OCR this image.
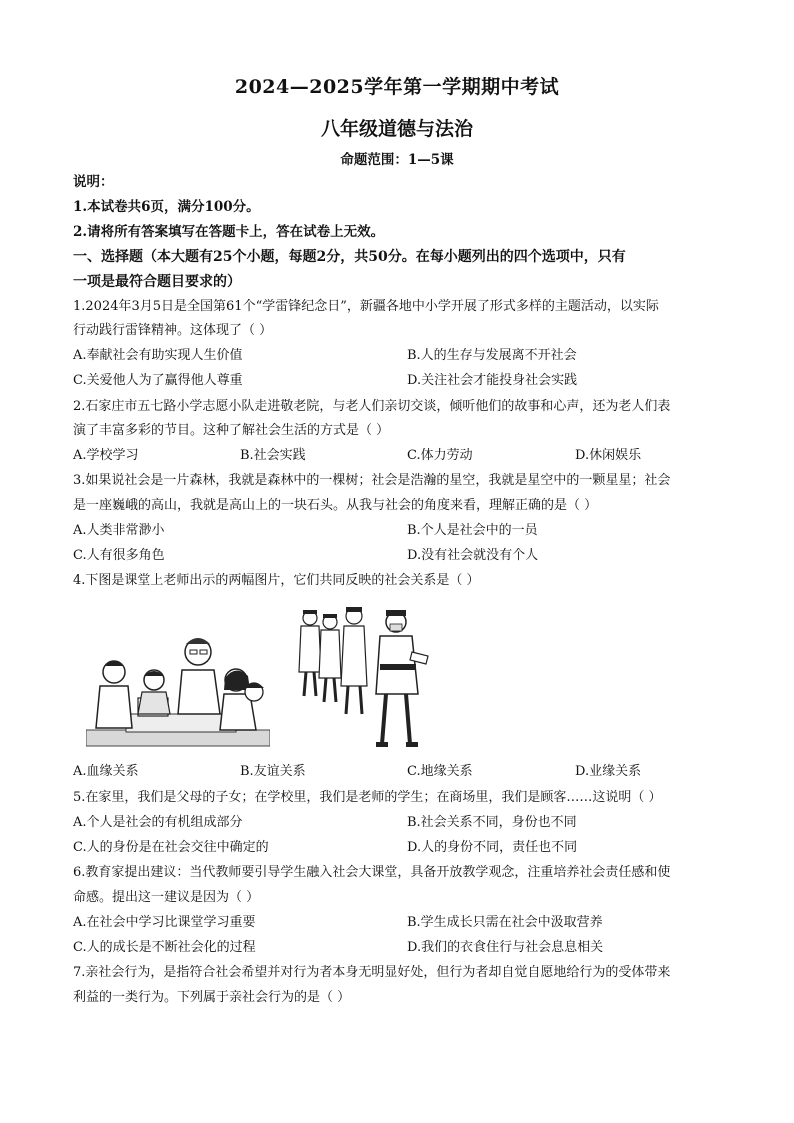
2024—2025学年第一学期期中考试
八年级道德与法治
命题范围：1—5课
说明：
1.本试卷共6页，满分100分。
2.请将所有答案填写在答题卡上，答在试卷上无效。
一、选择题（本大题有25个小题，每题2分，共50分。在每小题列出的四个选项中，只有
一项是最符合题目要求的）
1.2024年3月5日是全国第61个“学雷锋纪念日”，新疆各地中小学开展了形式多样的主题活动，以实际
行动践行雷锋精神。这体现了（ ）
A.奉献社会有助实现人生价值	B.人的生存与发展离不开社会
C.关爱他人为了赢得他人尊重	D.关注社会才能投身社会实践
2.石家庄市五七路小学志愿小队走进敬老院，与老人们亲切交谈，倾听他们的故事和心声，还为老人们表
演了丰富多彩的节目。这种了解社会生活的方式是（ ）
A.学校学习	B.社会实践	C.体力劳动	D.休闲娱乐
3.如果说社会是一片森林，我就是森林中的一棵树；社会是浩瀚的星空，我就是星空中的一颗星星；社会
是一座巍峨的高山，我就是高山上的一块石头。从我与社会的角度来看，理解正确的是（ ）
A.人类非常渺小	B.个人是社会中的一员
C.人有很多角色	D.没有社会就没有个人
4.下图是课堂上老师出示的两幅图片，它们共同反映的社会关系是（ ）
A.血缘关系	B.友谊关系	C.地缘关系	D.业缘关系
5.在家里，我们是父母的子女；在学校里，我们是老师的学生；在商场里，我们是顾客……这说明（ ）
A.个人是社会的有机组成部分	B.社会关系不同，身份也不同
C.人的身份是在社会交往中确定的	D.人的身份不同，责任也不同
6.教育家提出建议：当代教师要引导学生融入社会大课堂，具备开放教学观念，注重培养社会责任感和使
命感。提出这一建议是因为（ ）
A.在社会中学习比课堂学习重要	B.学生成长只需在社会中汲取营养
C.人的成长是不断社会化的过程	D.我们的衣食住行与社会息息相关
7.亲社会行为，是指符合社会希望并对行为者本身无明显好处，但行为者却自觉自愿地给行为的受体带来
利益的一类行为。下列属于亲社会行为的是（ ）
